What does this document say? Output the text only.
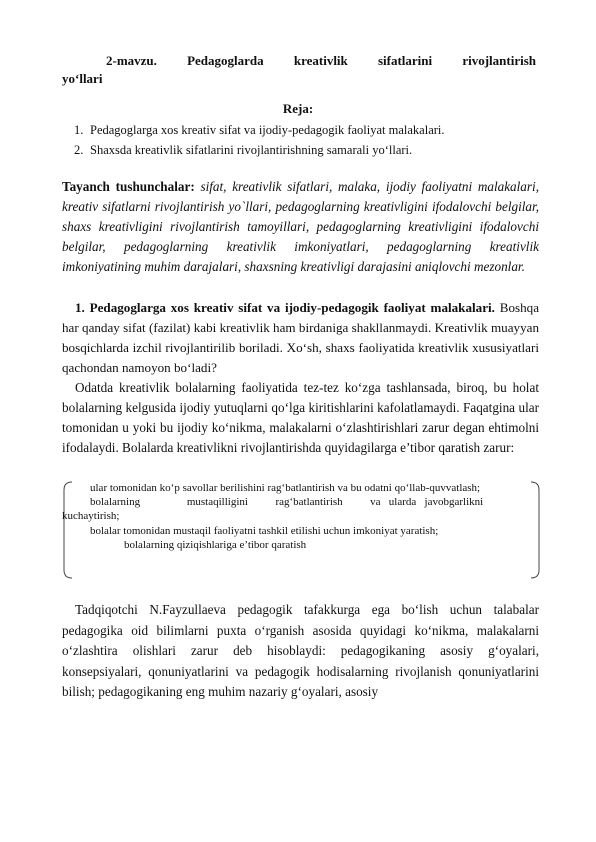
2-mavzu. Pedagoglarda kreativlik sifatlarini rivojlantirish
yo‘llari
Reja:
1. Pedagoglarga xos kreativ sifat va ijodiy-pedagogik faoliyat malakalari.
2. Shaxsda kreativlik sifatlarini rivojlantirishning samarali yo‘llari.

Tayanch tushunchalar: sifat, kreativlik sifatlari, malaka, ijodiy faoliyatni malakalari, kreativ sifatlarni rivojlantirish yo`llari, pedagoglarning kreativligini ifodalovchi belgilar, shaxs kreativligini rivojlantirish tamoyillari, pedagoglarning kreativligini ifodalovchi belgilar, pedagoglarning kreativlik imkoniyatlari, pedagoglarning kreativlik imkoniyatining muhim darajalari, shaxsning kreativligi darajasini aniqlovchi mezonlar.

1. Pedagoglarga xos kreativ sifat va ijodiy-pedagogik faoliyat malakalari. Boshqa har qanday sifat (fazilat) kabi kreativlik ham birdaniga shakllanmaydi. Kreativlik muayyan bosqichlarda izchil rivojlantirilib boriladi. Xo‘sh, shaxs faoliyatida kreativlik xususiyatlari qachondan namoyon bo‘ladi?

Odatda kreativlik bolalarning faoliyatida tez-tez ko‘zga tashlansada, biroq, bu holat bolalarning kelgusida ijodiy yutuqlarni qo‘lga kiritishlarini kafolatlamaydi. Faqatgina ular tomonidan u yoki bu ijodiy ko‘nikma, malakalarni o‘zlashtirishlari zarur degan ehtimolni ifodalaydi. Bolalarda kreativlikni rivojlantirishda quyidagilarga e’tibor qaratish zarur:

ular tomonidan ko‘p savollar berilishini rag‘batlantirish va bu odatni qo‘llab-quvvatlash;
bolalarning                 mustaqilligini          rag‘batlantirish          va   ularda   javobgarlikni
kuchaytirish;
bolalar tomonidan mustaqil faoliyatni tashkil etilishi uchun imkoniyat yaratish;
bolalarning qiziqishlariga e’tibor qaratish

Tadqiqotchi N.Fayzullaeva pedagogik tafakkurga ega bo‘lish uchun talabalar pedagogika oid bilimlarni puxta o‘rganish asosida quyidagi ko‘nikma, malakalarni o‘zlashtira olishlari zarur deb hisoblaydi: pedagogikaning asosiy g‘oyalari, konsepsiyalari, qonuniyatlarini va pedagogik hodisalarning rivojlanish qonuniyatlarini bilish; pedagogikaning eng muhim nazariy g‘oyalari, asosiy
